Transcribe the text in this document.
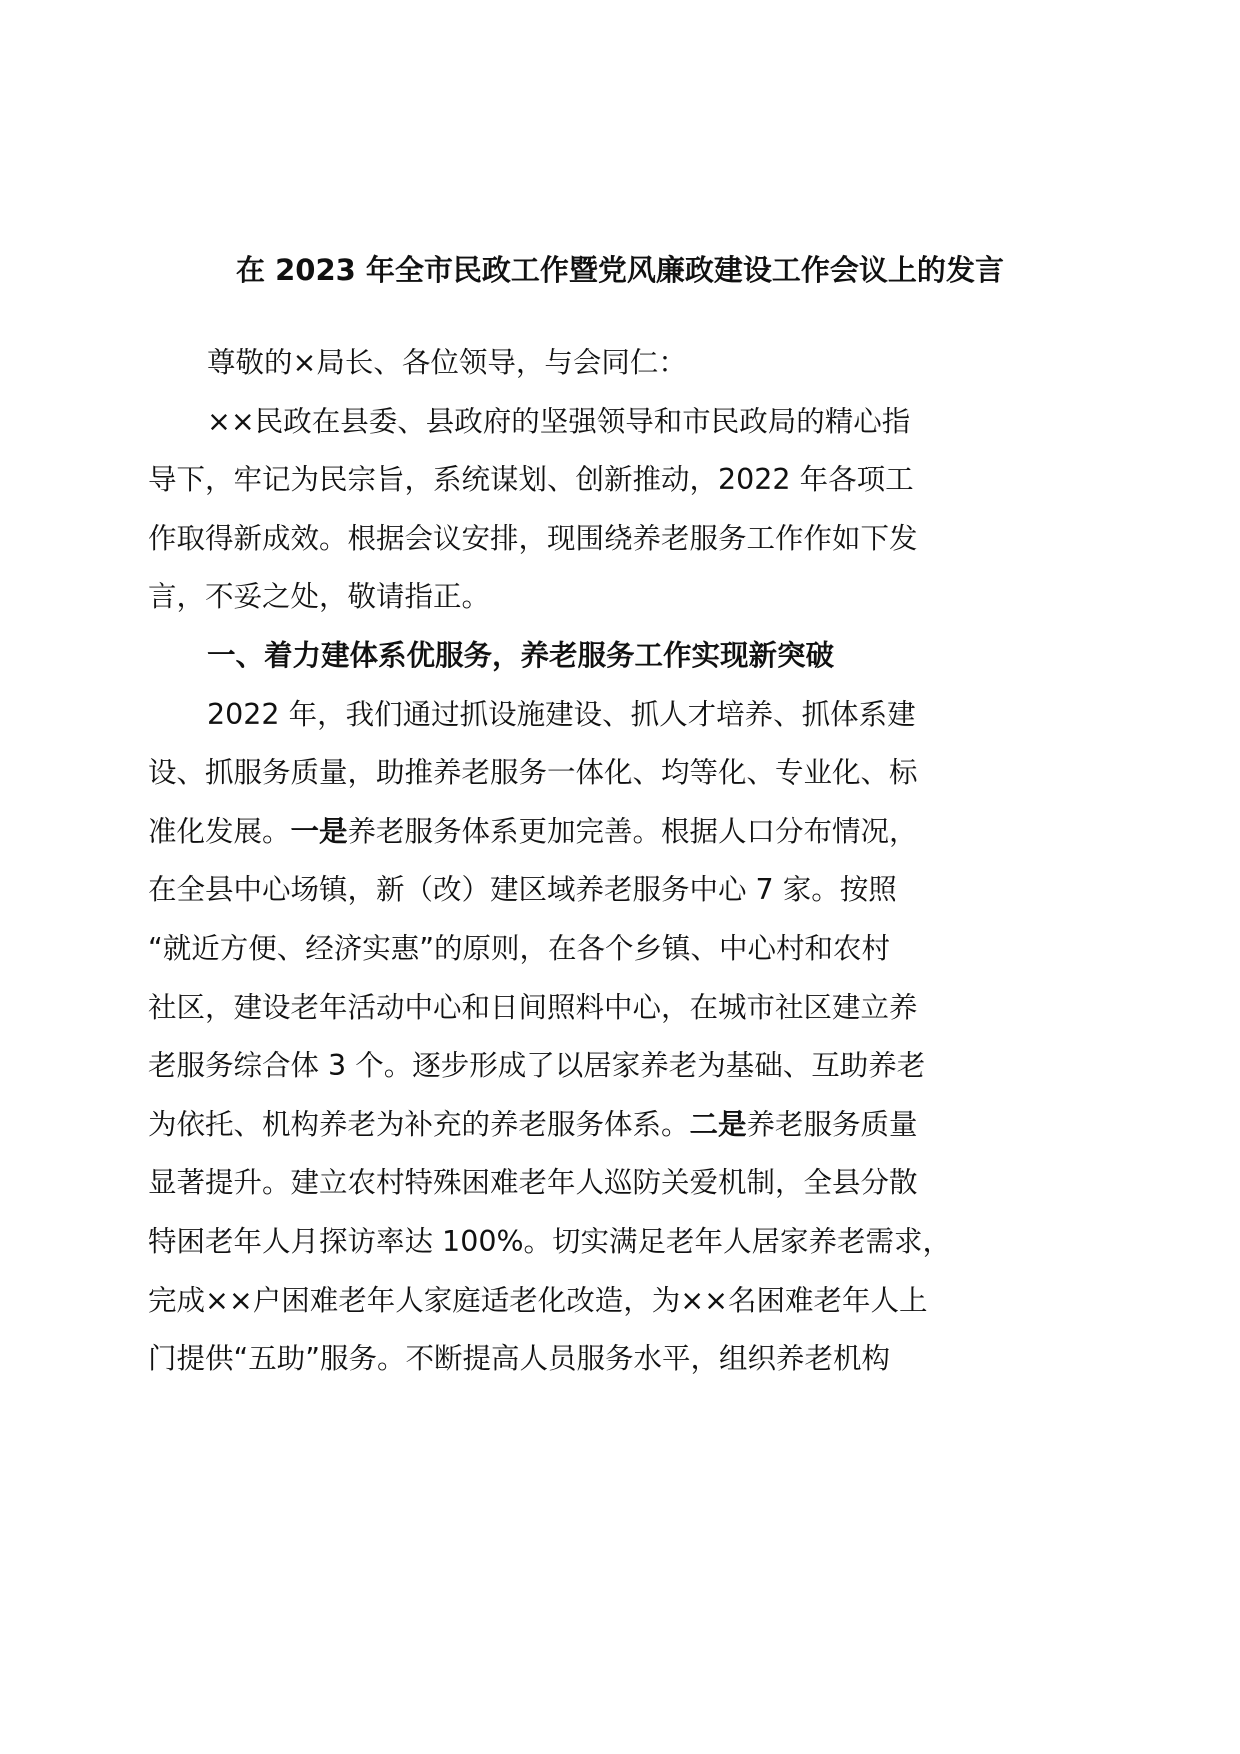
在 2023 年全市民政工作暨党风廉政建设工作会议上的发言
尊敬的×局长、各位领导，与会同仁：
××民政在县委、县政府的坚强领导和市民政局的精心指
导下，牢记为民宗旨，系统谋划、创新推动，2022 年各项工
作取得新成效。根据会议安排，现围绕养老服务工作作如下发
言，不妥之处，敬请指正。
一、着力建体系优服务，养老服务工作实现新突破
2022 年，我们通过抓设施建设、抓人才培养、抓体系建
设、抓服务质量，助推养老服务一体化、均等化、专业化、标
准化发展。一是养老服务体系更加完善。根据人口分布情况，
在全县中心场镇，新（改）建区域养老服务中心 7 家。按照
“就近方便、经济实惠”的原则，在各个乡镇、中心村和农村
社区，建设老年活动中心和日间照料中心，在城市社区建立养
老服务综合体 3 个。逐步形成了以居家养老为基础、互助养老
为依托、机构养老为补充的养老服务体系。二是养老服务质量
显著提升。建立农村特殊困难老年人巡防关爱机制，全县分散
特困老年人月探访率达 100%。切实满足老年人居家养老需求，
完成××户困难老年人家庭适老化改造，为××名困难老年人上
门提供“五助”服务。不断提高人员服务水平，组织养老机构
